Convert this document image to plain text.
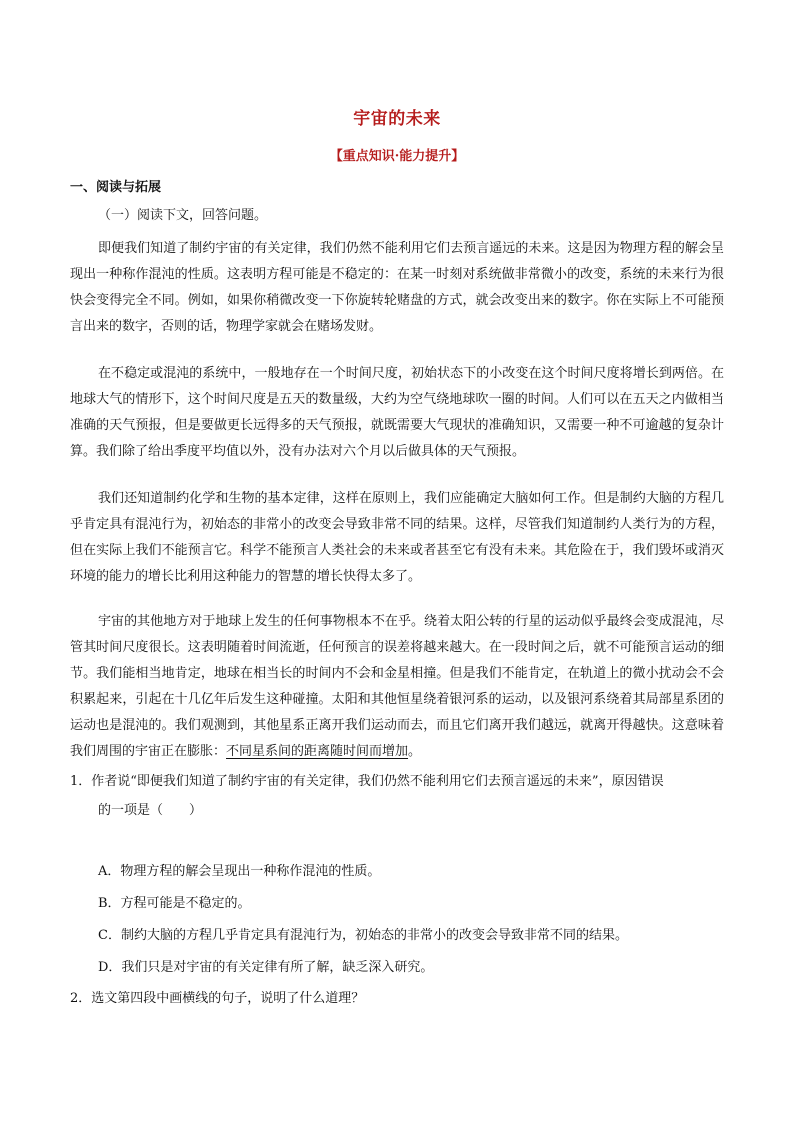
宇宙的未来
【重点知识·能力提升】
一、阅读与拓展
（一）阅读下文，回答问题。
即便我们知道了制约宇宙的有关定律，我们仍然不能利用它们去预言遥远的未来。这是因为物理方程的解会呈现出一种称作混沌的性质。这表明方程可能是不稳定的：在某一时刻对系统做非常微小的改变，系统的未来行为很快会变得完全不同。例如，如果你稍微改变一下你旋转轮赌盘的方式，就会改变出来的数字。你在实际上不可能预言出来的数字，否则的话，物理学家就会在赌场发财。
在不稳定或混沌的系统中，一般地存在一个时间尺度，初始状态下的小改变在这个时间尺度将增长到两倍。在地球大气的情形下，这个时间尺度是五天的数量级，大约为空气绕地球吹一圈的时间。人们可以在五天之内做相当准确的天气预报，但是要做更长远得多的天气预报，就既需要大气现状的准确知识，又需要一种不可逾越的复杂计算。我们除了给出季度平均值以外，没有办法对六个月以后做具体的天气预报。
我们还知道制约化学和生物的基本定律，这样在原则上，我们应能确定大脑如何工作。但是制约大脑的方程几乎肯定具有混沌行为，初始态的非常小的改变会导致非常不同的结果。这样，尽管我们知道制约人类行为的方程，但在实际上我们不能预言它。科学不能预言人类社会的未来或者甚至它有没有未来。其危险在于，我们毁坏或消灭环境的能力的增长比利用这种能力的智慧的增长快得太多了。
宇宙的其他地方对于地球上发生的任何事物根本不在乎。绕着太阳公转的行星的运动似乎最终会变成混沌，尽管其时间尺度很长。这表明随着时间流逝，任何预言的误差将越来越大。在一段时间之后，就不可能预言运动的细节。我们能相当地肯定，地球在相当长的时间内不会和金星相撞。但是我们不能肯定，在轨道上的微小扰动会不会积累起来，引起在十几亿年后发生这种碰撞。太阳和其他恒星绕着银河系的运动，以及银河系绕着其局部星系团的运动也是混沌的。我们观测到，其他星系正离开我们运动而去，而且它们离开我们越远，就离开得越快。这意味着我们周围的宇宙正在膨胀：不同星系间的距离随时间而增加。
1．作者说“即便我们知道了制约宇宙的有关定律，我们仍然不能利用它们去预言遥远的未来”，原因错误
的一项是（　　）
A．物理方程的解会呈现出一种称作混沌的性质。
B．方程可能是不稳定的。
C．制约大脑的方程几乎肯定具有混沌行为，初始态的非常小的改变会导致非常不同的结果。
D．我们只是对宇宙的有关定律有所了解，缺乏深入研究。
2．选文第四段中画横线的句子，说明了什么道理？
